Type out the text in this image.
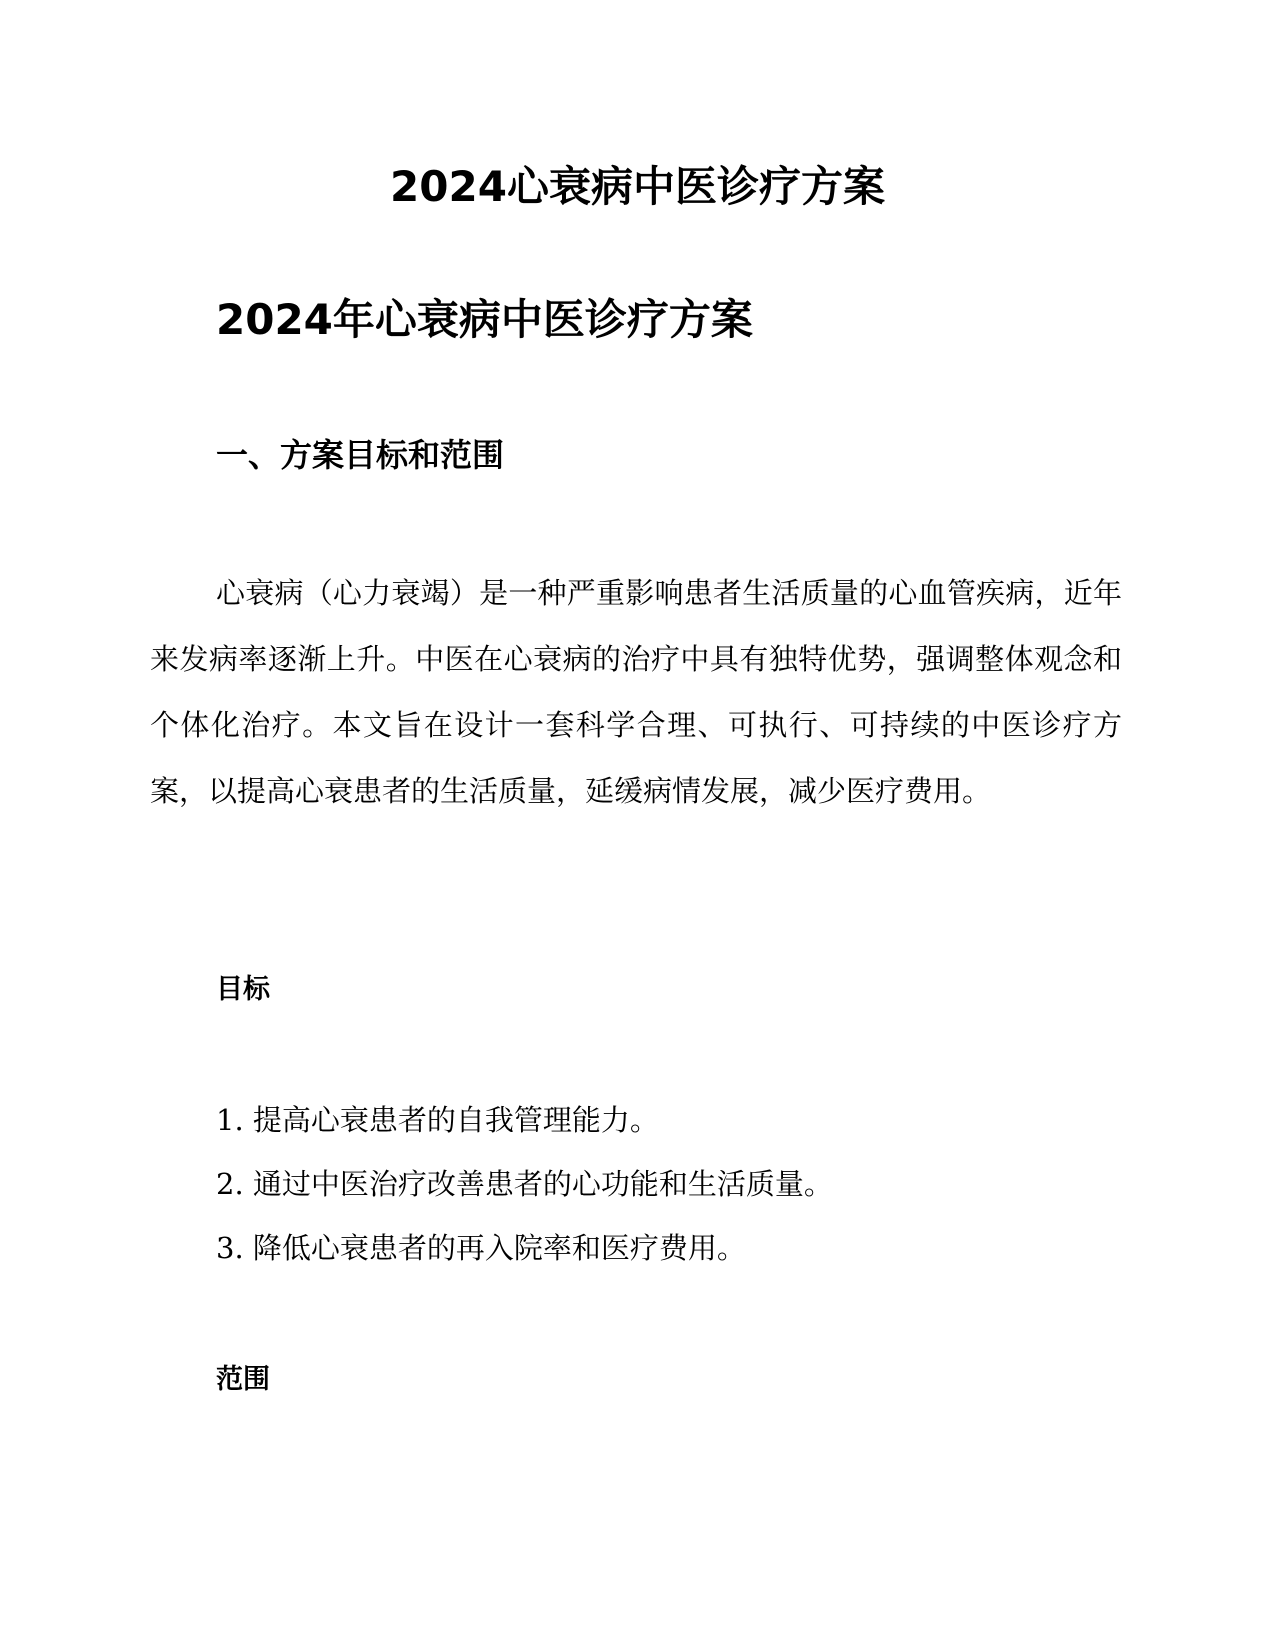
2024心衰病中医诊疗方案
2024年心衰病中医诊疗方案
一、方案目标和范围

心衰病（心力衰竭）是一种严重影响患者生活质量的心血管疾病，近年来发病率逐渐上升。中医在心衰病的治疗中具有独特优势，强调整体观念和个体化治疗。本文旨在设计一套科学合理、可执行、可持续的中医诊疗方案，以提高心衰患者的生活质量，延缓病情发展，减少医疗费用。

目标
1. 提高心衰患者的自我管理能力。
2. 通过中医治疗改善患者的心功能和生活质量。
3. 降低心衰患者的再入院率和医疗费用。
范围
